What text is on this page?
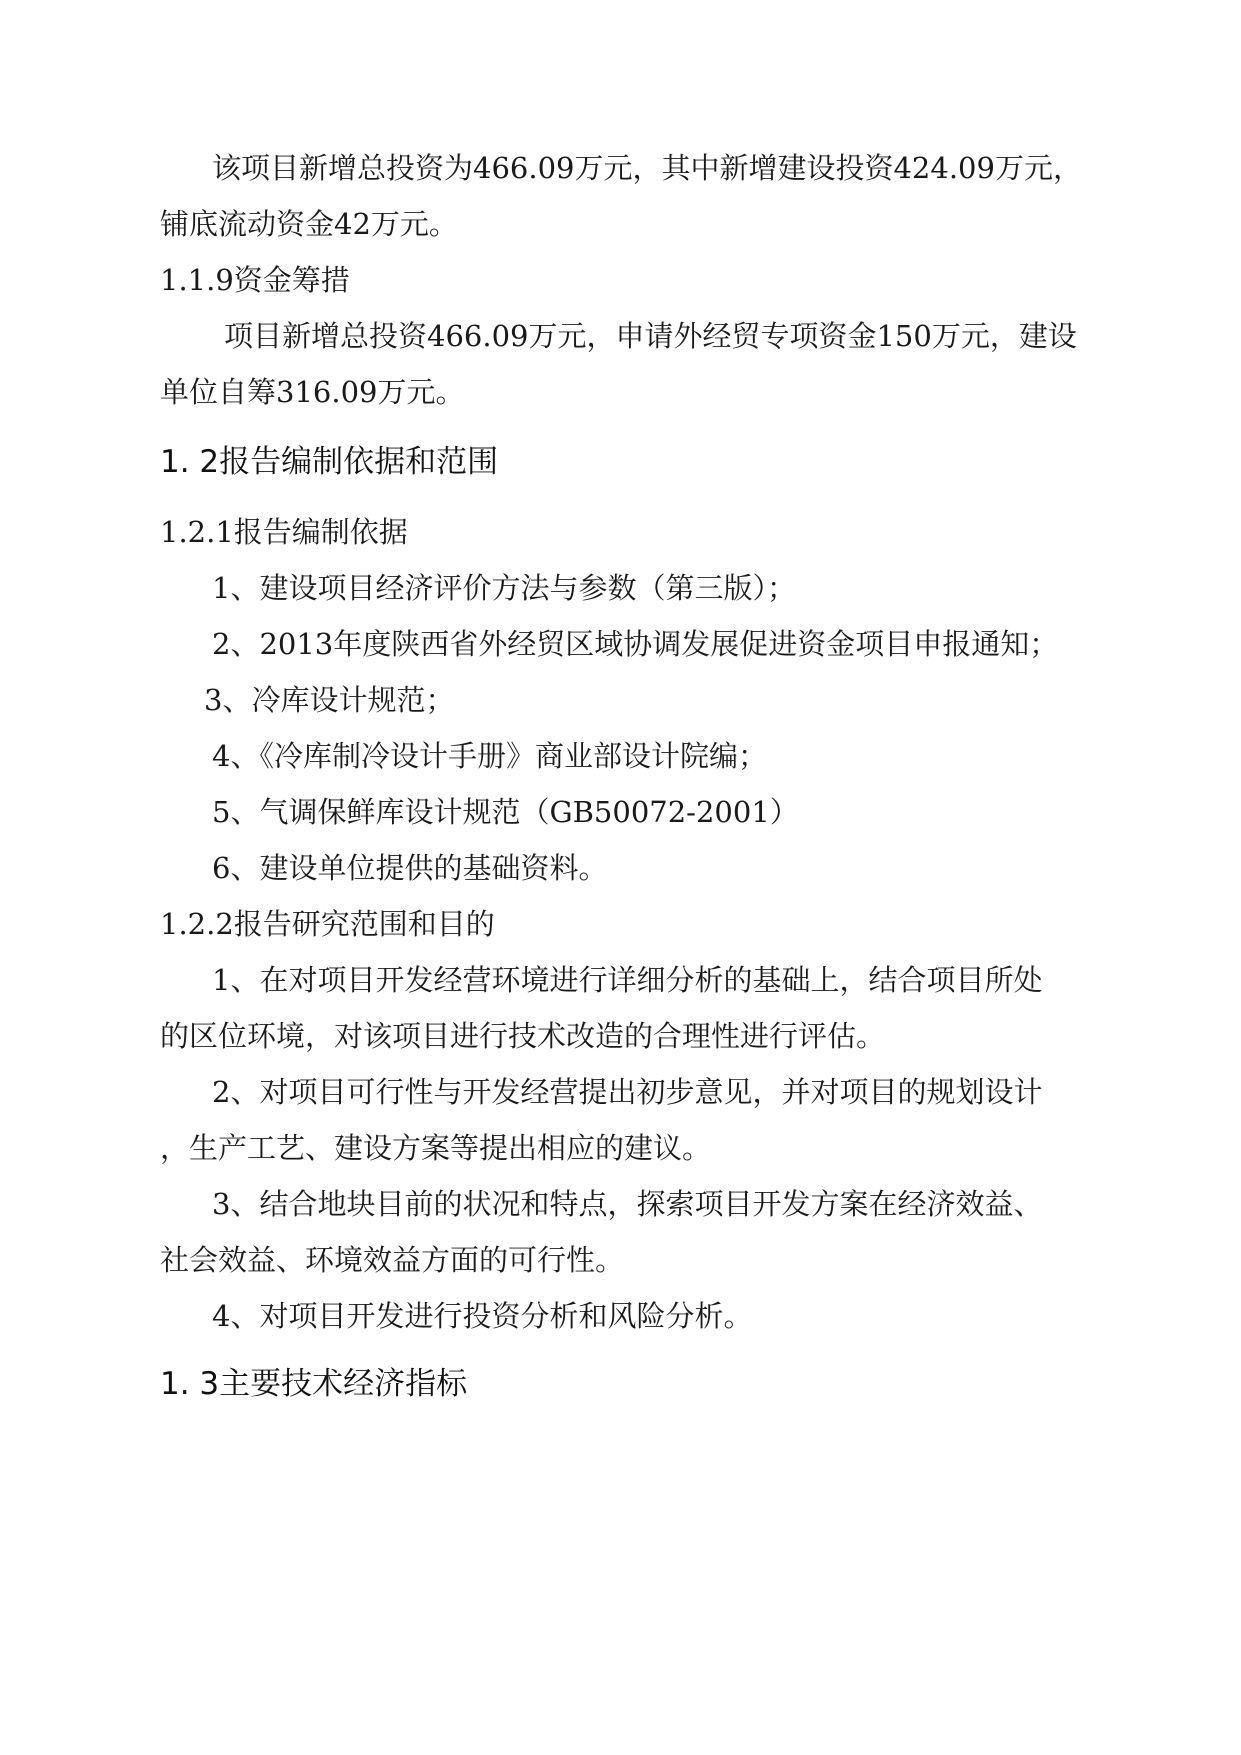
该项目新增总投资为466.09万元，其中新增建设投资424.09万元，
铺底流动资金42万元。
1.1.9资金筹措
项目新增总投资466.09万元，申请外经贸专项资金150万元，建设
单位自筹316.09万元。
1. 2报告编制依据和范围
1.2.1报告编制依据
1、建设项目经济评价方法与参数（第三版）；
2、2013年度陕西省外经贸区域协调发展促进资金项目申报通知；
3、冷库设计规范；
4、《冷库制冷设计手册》商业部设计院编；
5、气调保鲜库设计规范（GB50072-2001）
6、建设单位提供的基础资料。
1.2.2报告研究范围和目的
1、在对项目开发经营环境进行详细分析的基础上，结合项目所处
的区位环境，对该项目进行技术改造的合理性进行评估。
2、对项目可行性与开发经营提出初步意见，并对项目的规划设计
，生产工艺、建设方案等提出相应的建议。
3、结合地块目前的状况和特点，探索项目开发方案在经济效益、
社会效益、环境效益方面的可行性。
4、对项目开发进行投资分析和风险分析。
1. 3主要技术经济指标
